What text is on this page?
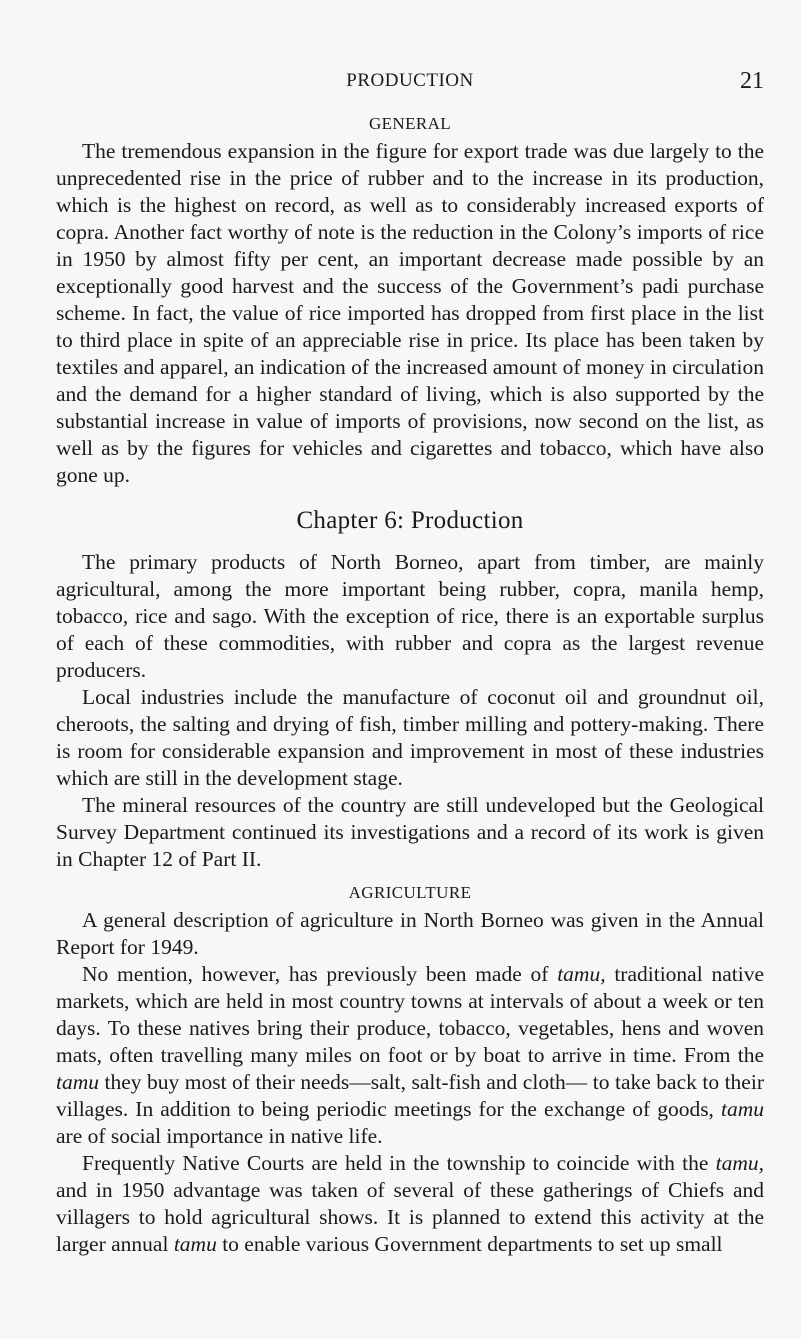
PRODUCTION	21
GENERAL

The tremendous expansion in the figure for export trade was due largely to the unprecedented rise in the price of rubber and to the increase in its production, which is the highest on record, as well as to considerably increased exports of copra. Another fact worthy of note is the reduction in the Colony’s imports of rice in 1950 by almost fifty per cent, an important decrease made possible by an exceptionally good harvest and the success of the Government’s padi purchase scheme. In fact, the value of rice imported has dropped from first place in the list to third place in spite of an appreciable rise in price. Its place has been taken by textiles and apparel, an indication of the increased amount of money in circulation and the demand for a higher standard of living, which is also supported by the substantial increase in value of imports of provisions, now second on the list, as well as by the figures for vehicles and cigarettes and tobacco, which have also gone up.

Chapter 6: Production

The primary products of North Borneo, apart from timber, are mainly agricultural, among the more important being rubber, copra, manila hemp, tobacco, rice and sago. With the exception of rice, there is an exportable surplus of each of these commodities, with rubber and copra as the largest revenue producers.

Local industries include the manufacture of coconut oil and groundnut oil, cheroots, the salting and drying of fish, timber milling and pottery-making. There is room for considerable expansion and improvement in most of these industries which are still in the development stage.

The mineral resources of the country are still undeveloped but the Geological Survey Department continued its investigations and a record of its work is given in Chapter 12 of Part II.

AGRICULTURE

A general description of agriculture in North Borneo was given in the Annual Report for 1949.

No mention, however, has previously been made of tamu, traditional native markets, which are held in most country towns at intervals of about a week or ten days. To these natives bring their produce, tobacco, vegetables, hens and woven mats, often travelling many miles on foot or by boat to arrive in time. From the tamu they buy most of their needs—salt, salt-fish and cloth— to take back to their villages. In addition to being periodic meetings for the exchange of goods, tamu are of social importance in native life.

Frequently Native Courts are held in the township to coincide with the tamu, and in 1950 advantage was taken of several of these gatherings of Chiefs and villagers to hold agricultural shows. It is planned to extend this activity at the larger annual tamu to enable various Government departments to set up small
